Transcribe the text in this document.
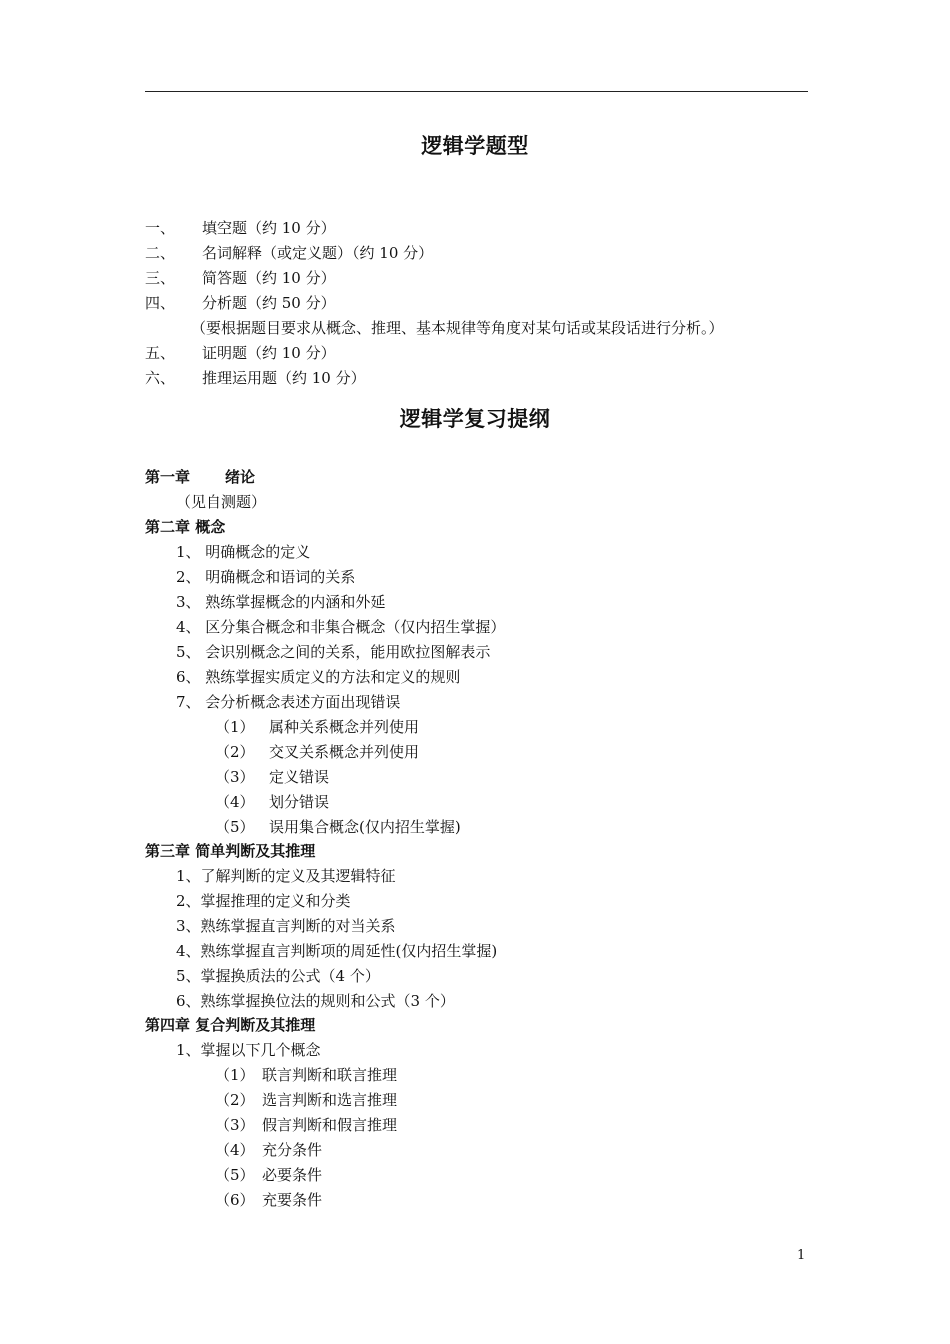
逻辑学题型
一、 填空题（约 10 分）
二、 名词解释（或定义题）（约 10 分）
三、 简答题（约 10 分）
四、 分析题（约 50 分）
（要根据题目要求从概念、推理、基本规律等角度对某句话或某段话进行分析。）
五、 证明题（约 10 分）
六、 推理运用题（约 10 分）
逻辑学复习提纲
第一章 绪论
（见自测题）
第二章 概念
1、 明确概念的定义
2、 明确概念和语词的关系
3、 熟练掌握概念的内涵和外延
4、 区分集合概念和非集合概念（仅内招生掌握）
5、 会识别概念之间的关系，能用欧拉图解表示
6、 熟练掌握实质定义的方法和定义的规则
7、 会分析概念表述方面出现错误
（1） 属种关系概念并列使用
（2） 交叉关系概念并列使用
（3） 定义错误
（4） 划分错误
（5） 误用集合概念(仅内招生掌握)
第三章 简单判断及其推理
1、了解判断的定义及其逻辑特征
2、掌握推理的定义和分类
3、熟练掌握直言判断的对当关系
4、熟练掌握直言判断项的周延性(仅内招生掌握)
5、掌握换质法的公式（4 个）
6、熟练掌握换位法的规则和公式（3 个）
第四章 复合判断及其推理
1、掌握以下几个概念
（1） 联言判断和联言推理
（2） 选言判断和选言推理
（3） 假言判断和假言推理
（4） 充分条件
（5） 必要条件
（6） 充要条件
1
